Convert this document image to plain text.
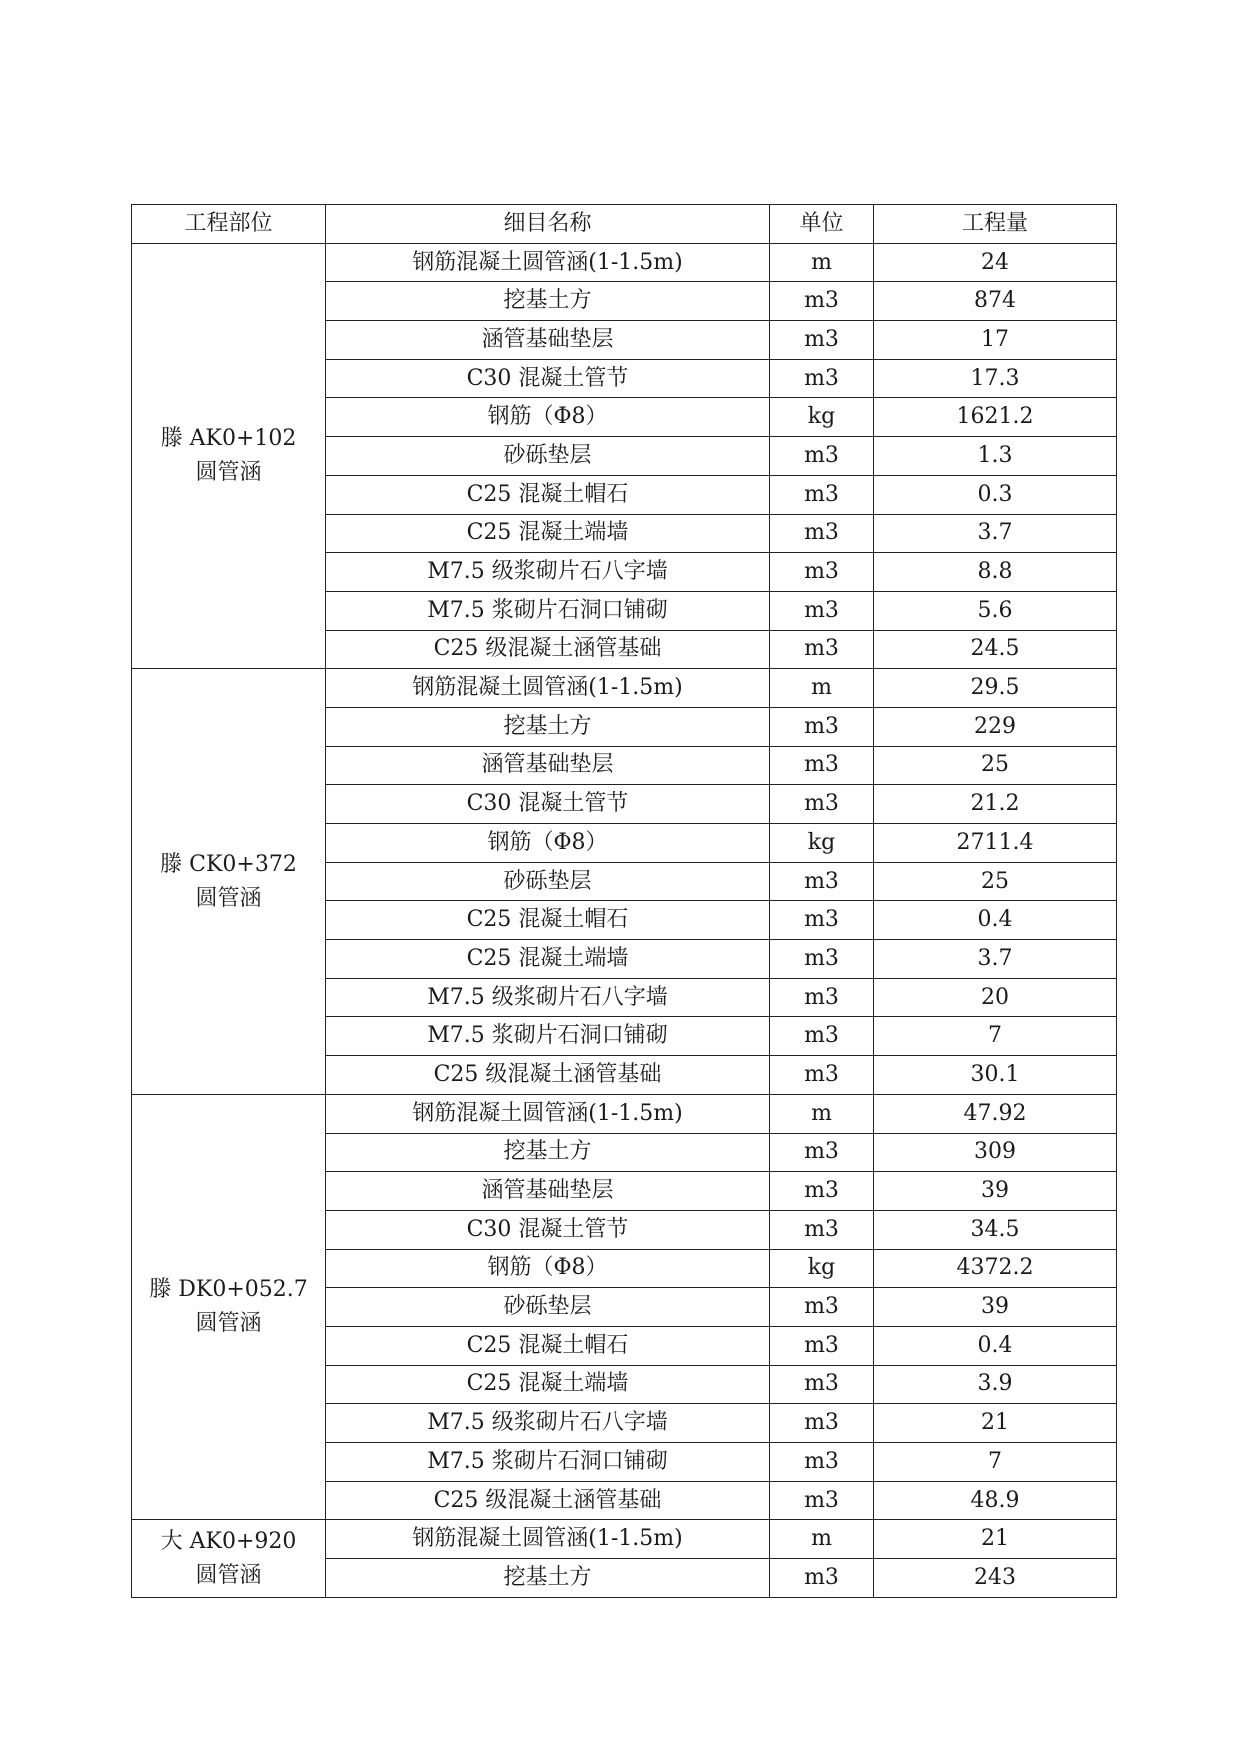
工程部位	细目名称	单位	工程量
滕 AK0+102 圆管涵	钢筋混凝土圆管涵(1-1.5m)	m	24
	挖基土方	m3	874
	涵管基础垫层	m3	17
	C30 混凝土管节	m3	17.3
	钢筋（Φ8）	kg	1621.2
	砂砾垫层	m3	1.3
	C25 混凝土帽石	m3	0.3
	C25 混凝土端墙	m3	3.7
	M7.5 级浆砌片石八字墙	m3	8.8
	M7.5 浆砌片石洞口铺砌	m3	5.6
	C25 级混凝土涵管基础	m3	24.5
滕 CK0+372 圆管涵	钢筋混凝土圆管涵(1-1.5m)	m	29.5
	挖基土方	m3	229
	涵管基础垫层	m3	25
	C30 混凝土管节	m3	21.2
	钢筋（Φ8）	kg	2711.4
	砂砾垫层	m3	25
	C25 混凝土帽石	m3	0.4
	C25 混凝土端墙	m3	3.7
	M7.5 级浆砌片石八字墙	m3	20
	M7.5 浆砌片石洞口铺砌	m3	7
	C25 级混凝土涵管基础	m3	30.1
滕 DK0+052.7 圆管涵	钢筋混凝土圆管涵(1-1.5m)	m	47.92
	挖基土方	m3	309
	涵管基础垫层	m3	39
	C30 混凝土管节	m3	34.5
	钢筋（Φ8）	kg	4372.2
	砂砾垫层	m3	39
	C25 混凝土帽石	m3	0.4
	C25 混凝土端墙	m3	3.9
	M7.5 级浆砌片石八字墙	m3	21
	M7.5 浆砌片石洞口铺砌	m3	7
	C25 级混凝土涵管基础	m3	48.9
大 AK0+920 圆管涵	钢筋混凝土圆管涵(1-1.5m)	m	21
	挖基土方	m3	243
